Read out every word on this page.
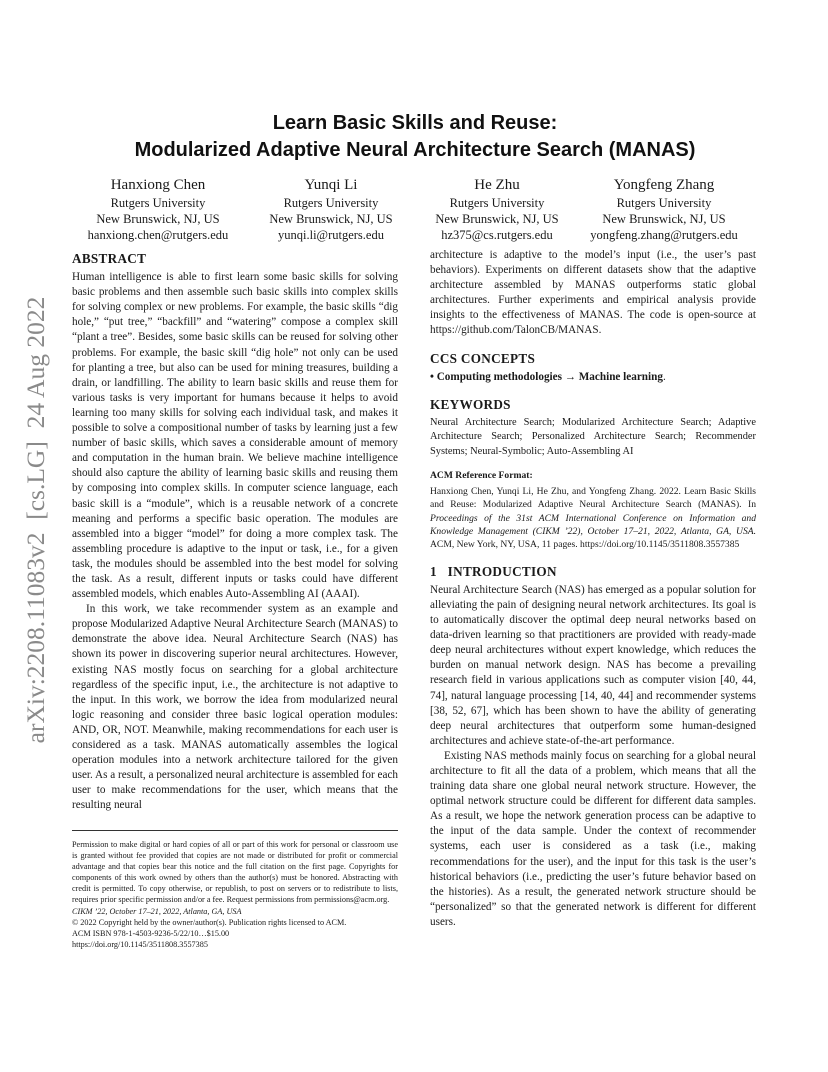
arXiv:2208.11083v2  [cs.LG]  24 Aug 2022
Learn Basic Skills and Reuse:
Modularized Adaptive Neural Architecture Search (MANAS)
Hanxiong Chen
Rutgers University
New Brunswick, NJ, US
hanxiong.chen@rutgers.edu
Yunqi Li
Rutgers University
New Brunswick, NJ, US
yunqi.li@rutgers.edu
He Zhu
Rutgers University
New Brunswick, NJ, US
hz375@cs.rutgers.edu
Yongfeng Zhang
Rutgers University
New Brunswick, NJ, US
yongfeng.zhang@rutgers.edu
ABSTRACT

Human intelligence is able to first learn some basic skills for solving basic problems and then assemble such basic skills into complex skills for solving complex or new problems. For example, the basic skills “dig hole,” “put tree,” “backfill” and “watering” compose a complex skill “plant a tree”. Besides, some basic skills can be reused for solving other problems. For example, the basic skill “dig hole” not only can be used for planting a tree, but also can be used for mining treasures, building a drain, or landfilling. The ability to learn basic skills and reuse them for various tasks is very important for humans because it helps to avoid learning too many skills for solving each individual task, and makes it possible to solve a compositional number of tasks by learning just a few number of basic skills, which saves a considerable amount of memory and computation in the human brain. We believe machine intelligence should also capture the ability of learning basic skills and reusing them by composing into complex skills. In computer science language, each basic skill is a “module”, which is a reusable network of a concrete meaning and performs a specific basic operation. The modules are assembled into a bigger “model” for doing a more complex task. The assembling procedure is adaptive to the input or task, i.e., for a given task, the modules should be assembled into the best model for solving the task. As a result, different inputs or tasks could have different assembled models, which enables Auto-Assembling AI (AAAI).

In this work, we take recommender system as an example and propose Modularized Adaptive Neural Architecture Search (MANAS) to demonstrate the above idea. Neural Architecture Search (NAS) has shown its power in discovering superior neural architectures. However, existing NAS mostly focus on searching for a global architecture regardless of the specific input, i.e., the architecture is not adaptive to the input. In this work, we borrow the idea from modularized neural logic reasoning and consider three basic logical operation modules: AND, OR, NOT. Meanwhile, making recommendations for each user is considered as a task. MANAS automatically assembles the logical operation modules into a network architecture tailored for the given user. As a result, a personalized neural architecture is assembled for each user to make recommendations for the user, which means that the resulting neural

Permission to make digital or hard copies of all or part of this work for personal or classroom use is granted without fee provided that copies are not made or distributed for profit or commercial advantage and that copies bear this notice and the full citation on the first page. Copyrights for components of this work owned by others than the author(s) must be honored. Abstracting with credit is permitted. To copy otherwise, or republish, to post on servers or to redistribute to lists, requires prior specific permission and/or a fee. Request permissions from permissions@acm.org.

CIKM ’22, October 17–21, 2022, Atlanta, GA, USA

© 2022 Copyright held by the owner/author(s). Publication rights licensed to ACM.

ACM ISBN 978-1-4503-9236-5/22/10…$15.00

https://doi.org/10.1145/3511808.3557385

architecture is adaptive to the model’s input (i.e., the user’s past behaviors). Experiments on different datasets show that the adaptive architecture assembled by MANAS outperforms static global architectures. Further experiments and empirical analysis provide insights to the effectiveness of MANAS. The code is open-source at https://github.com/TalonCB/MANAS.

CCS CONCEPTS

• Computing methodologies → Machine learning.

KEYWORDS

Neural Architecture Search; Modularized Architecture Search; Adaptive Architecture Search; Personalized Architecture Search; Recommender Systems; Neural-Symbolic; Auto-Assembling AI

ACM Reference Format:

Hanxiong Chen, Yunqi Li, He Zhu, and Yongfeng Zhang. 2022. Learn Basic Skills and Reuse: Modularized Adaptive Neural Architecture Search (MANAS). In Proceedings of the 31st ACM International Conference on Information and Knowledge Management (CIKM ’22), October 17–21, 2022, Atlanta, GA, USA. ACM, New York, NY, USA, 11 pages. https://doi.org/10.1145/3511808.3557385

1   INTRODUCTION

Neural Architecture Search (NAS) has emerged as a popular solution for alleviating the pain of designing neural network architectures. Its goal is to automatically discover the optimal deep neural networks based on data-driven learning so that practitioners are provided with ready-made deep neural architectures without expert knowledge, which reduces the burden on manual network design. NAS has become a prevailing research field in various applications such as computer vision [40, 44, 74], natural language processing [14, 40, 44] and recommender systems [38, 52, 67], which has been shown to have the ability of generating deep neural architectures that outperform some human-designed architectures and achieve state-of-the-art performance.

Existing NAS methods mainly focus on searching for a global neural architecture to fit all the data of a problem, which means that all the training data share one global neural network structure. However, the optimal network structure could be different for different data samples. As a result, we hope the network generation process can be adaptive to the input of the data sample. Under the context of recommender systems, each user is considered as a task (i.e., making recommendations for the user), and the input for this task is the user’s historical behaviors (i.e., predicting the user’s future behavior based on the histories). As a result, the generated network structure should be “personalized” so that the generated network is different for different users.
